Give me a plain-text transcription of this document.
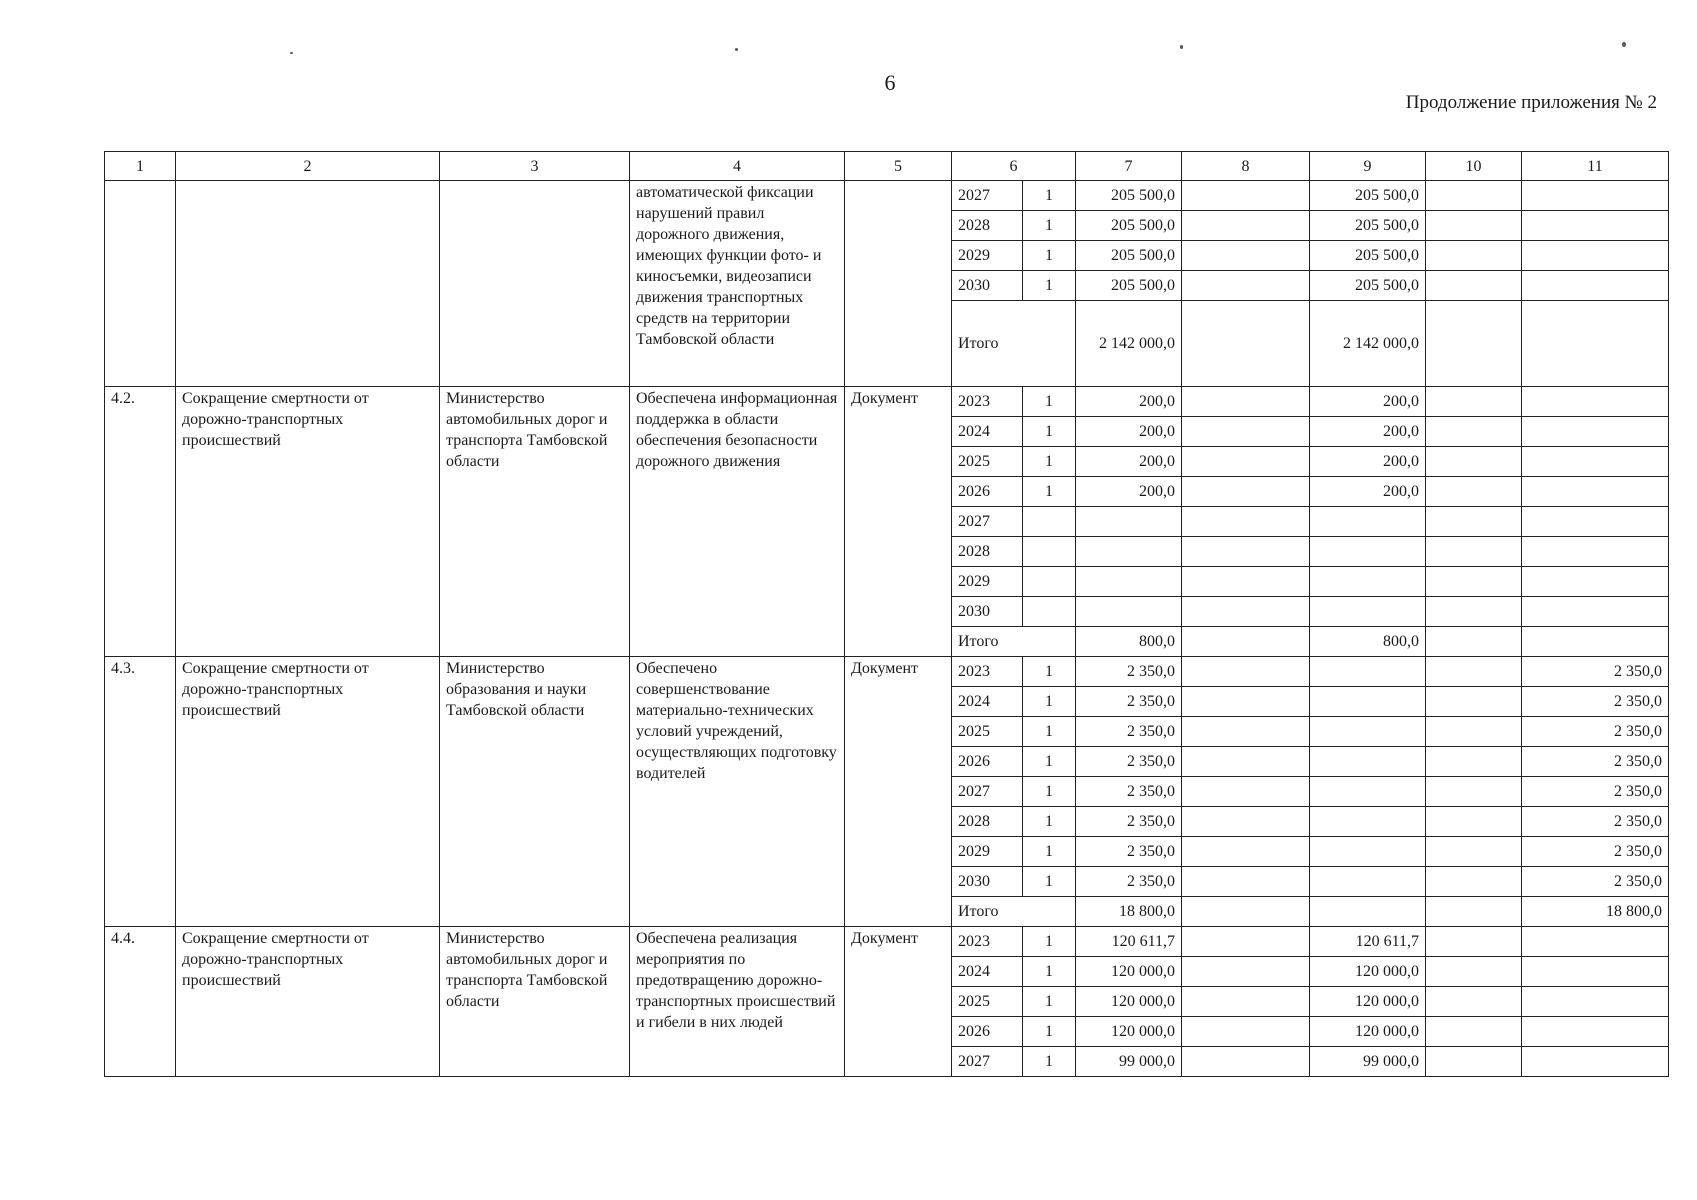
6
Продолжение приложения № 2
1	2	3	4	5	6		7	8	9	10	11
			автоматической фиксации нарушений правил дорожного движения, имеющих функции фото- и киносъемки, видеозаписи движения транспортных средств на территории Тамбовской области		2027	1	205 500,0		205 500,0		
					2028	1	205 500,0		205 500,0		
					2029	1	205 500,0		205 500,0		
					2030	1	205 500,0		205 500,0		
					Итого		2 142 000,0		2 142 000,0		
4.2.	Сокращение смертности от дорожно-транспортных происшествий	Министерство автомобильных дорог и транспорта Тамбовской области	Обеспечена информационная поддержка в области обеспечения безопасности дорожного движения	Документ	2023	1	200,0		200,0		
					2024	1	200,0		200,0		
					2025	1	200,0		200,0		
					2026	1	200,0		200,0		
					2027						
					2028						
					2029						
					2030						
					Итого		800,0		800,0		
4.3.	Сокращение смертности от дорожно-транспортных происшествий	Министерство образования и науки Тамбовской области	Обеспечено совершенствование материально-технических условий учреждений, осуществляющих подготовку водителей	Документ	2023	1	2 350,0				2 350,0
					2024	1	2 350,0				2 350,0
					2025	1	2 350,0				2 350,0
					2026	1	2 350,0				2 350,0
					2027	1	2 350,0				2 350,0
					2028	1	2 350,0				2 350,0
					2029	1	2 350,0				2 350,0
					2030	1	2 350,0				2 350,0
					Итого		18 800,0				18 800,0
4.4.	Сокращение смертности от дорожно-транспортных происшествий	Министерство автомобильных дорог и транспорта Тамбовской области	Обеспечена реализация мероприятия по предотвращению дорожно-транспортных происшествий и гибели в них людей	Документ	2023	1	120 611,7		120 611,7		
					2024	1	120 000,0		120 000,0		
					2025	1	120 000,0		120 000,0		
					2026	1	120 000,0		120 000,0		
					2027	1	99 000,0		99 000,0		
